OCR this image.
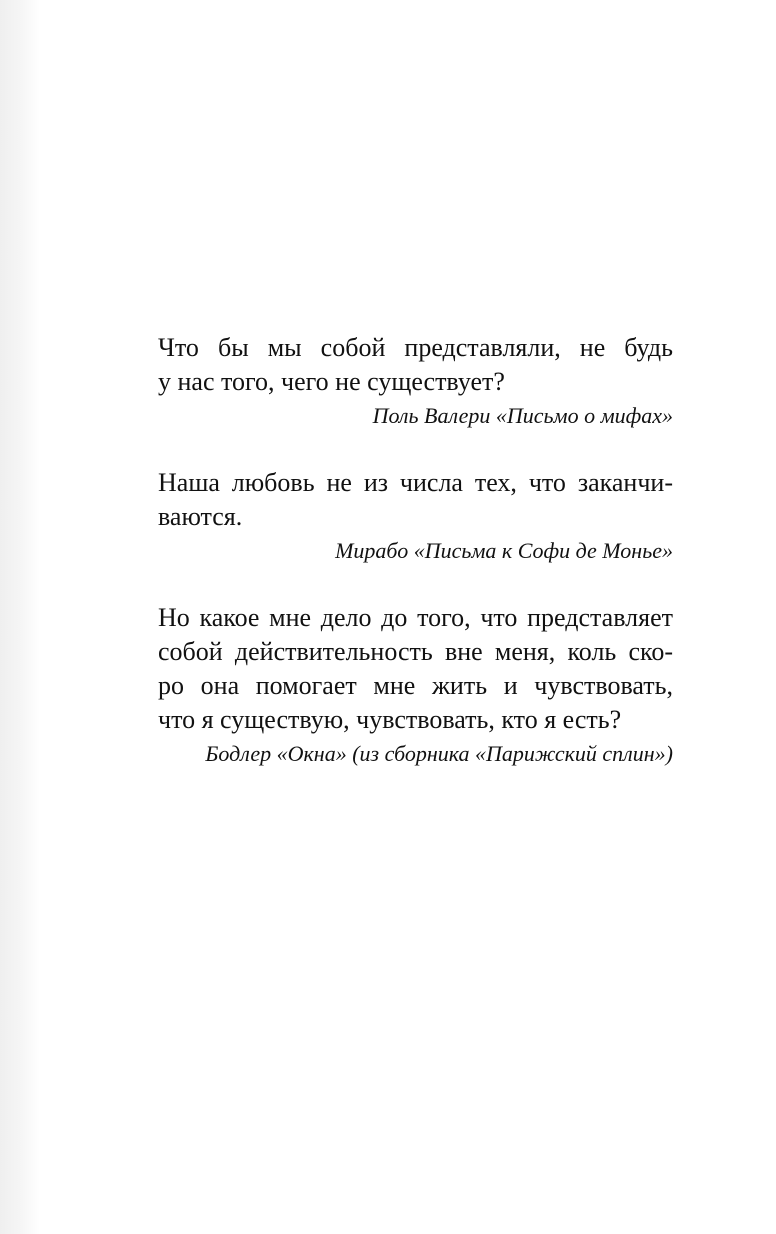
Что бы мы собой представляли, не будь
у нас того, чего не существует?
Поль Валери «Письмо о мифах»
Наша любовь не из числа тех, что заканчи-
ваются.
Мирабо «Письма к Софи де Монье»
Но какое мне дело до того, что представляет
собой действительность вне меня, коль ско-
ро она помогает мне жить и чувствовать,
что я существую, чувствовать, кто я есть?
Бодлер «Окна» (из сборника «Парижский сплин»)
